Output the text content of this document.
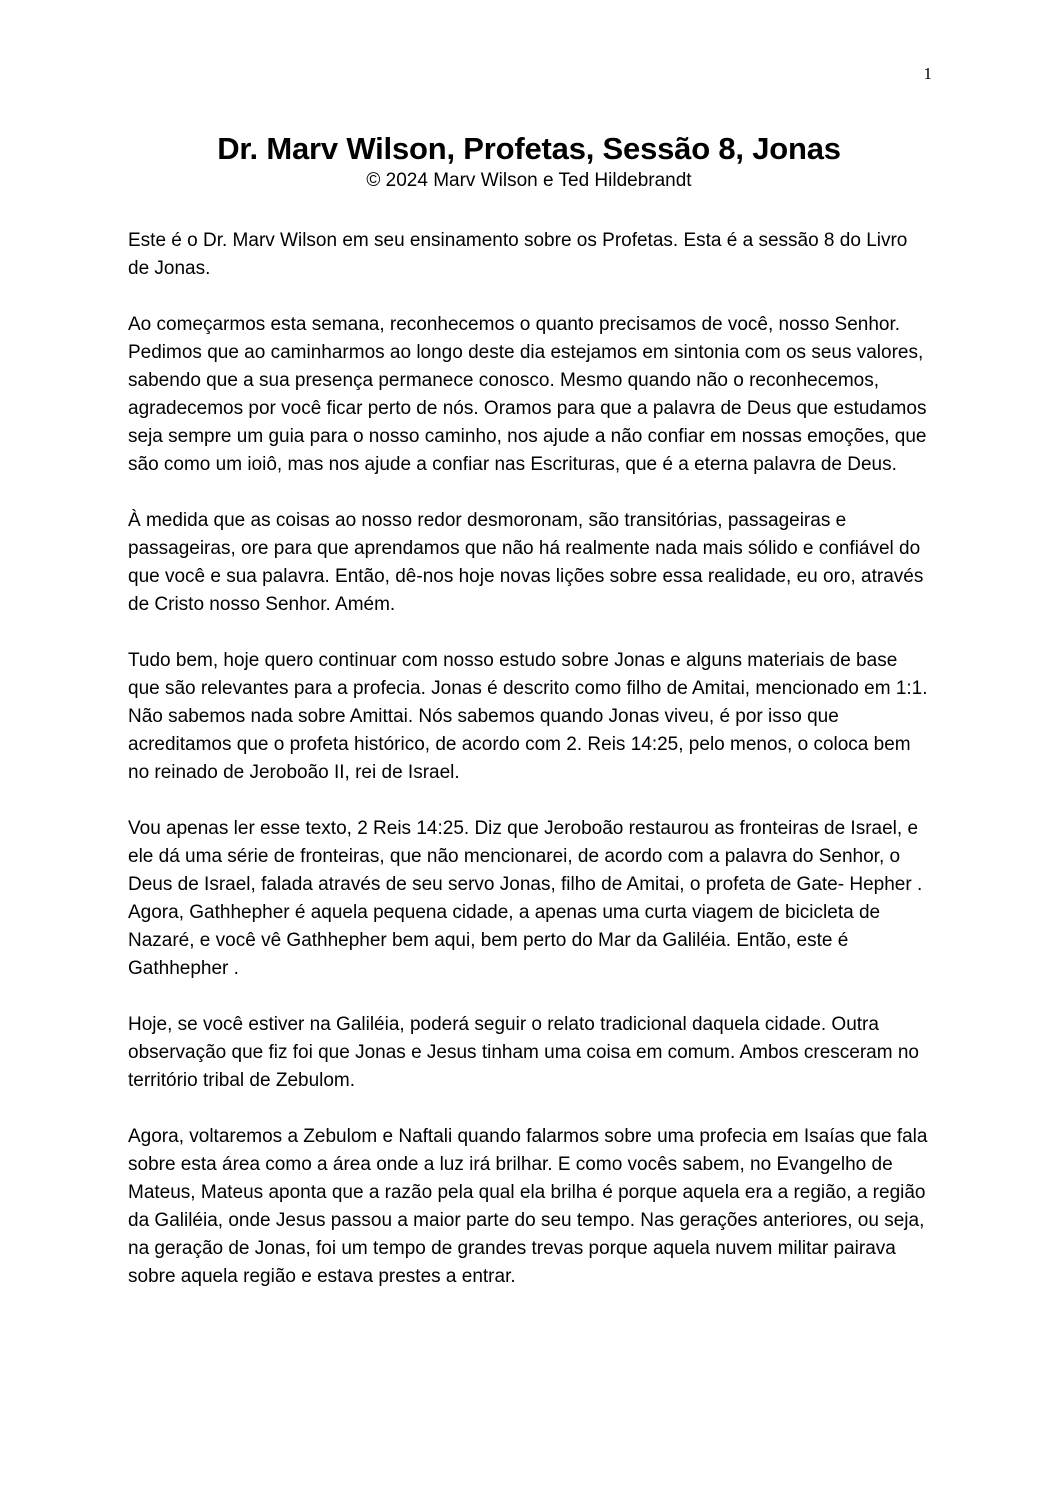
1
Dr. Marv Wilson, Profetas, Sessão 8, Jonas

© 2024 Marv Wilson e Ted Hildebrandt

Este é o Dr. Marv Wilson em seu ensinamento sobre os Profetas. Esta é a sessão 8 do Livro de Jonas.

Ao começarmos esta semana, reconhecemos o quanto precisamos de você, nosso Senhor. Pedimos que ao caminharmos ao longo deste dia estejamos em sintonia com os seus valores, sabendo que a sua presença permanece conosco. Mesmo quando não o reconhecemos, agradecemos por você ficar perto de nós. Oramos para que a palavra de Deus que estudamos seja sempre um guia para o nosso caminho, nos ajude a não confiar em nossas emoções, que são como um ioiô, mas nos ajude a confiar nas Escrituras, que é a eterna palavra de Deus.

À medida que as coisas ao nosso redor desmoronam, são transitórias, passageiras e passageiras, ore para que aprendamos que não há realmente nada mais sólido e confiável do que você e sua palavra. Então, dê-nos hoje novas lições sobre essa realidade, eu oro, através de Cristo nosso Senhor. Amém.

Tudo bem, hoje quero continuar com nosso estudo sobre Jonas e alguns materiais de base que são relevantes para a profecia. Jonas é descrito como filho de Amitai, mencionado em 1:1. Não sabemos nada sobre Amittai. Nós sabemos quando Jonas viveu, é por isso que acreditamos que o profeta histórico, de acordo com 2. Reis 14:25, pelo menos, o coloca bem no reinado de Jeroboão II, rei de Israel.

Vou apenas ler esse texto, 2 Reis 14:25. Diz que Jeroboão restaurou as fronteiras de Israel, e ele dá uma série de fronteiras, que não mencionarei, de acordo com a palavra do Senhor, o Deus de Israel, falada através de seu servo Jonas, filho de Amitai, o profeta de Gate- Hepher . Agora, Gathhepher é aquela pequena cidade, a apenas uma curta viagem de bicicleta de Nazaré, e você vê Gathhepher bem aqui, bem perto do Mar da Galiléia. Então, este é Gathhepher .

Hoje, se você estiver na Galiléia, poderá seguir o relato tradicional daquela cidade. Outra observação que fiz foi que Jonas e Jesus tinham uma coisa em comum. Ambos cresceram no território tribal de Zebulom.

Agora, voltaremos a Zebulom e Naftali quando falarmos sobre uma profecia em Isaías que fala sobre esta área como a área onde a luz irá brilhar. E como vocês sabem, no Evangelho de Mateus, Mateus aponta que a razão pela qual ela brilha é porque aquela era a região, a região da Galiléia, onde Jesus passou a maior parte do seu tempo. Nas gerações anteriores, ou seja, na geração de Jonas, foi um tempo de grandes trevas porque aquela nuvem militar pairava sobre aquela região e estava prestes a entrar.
